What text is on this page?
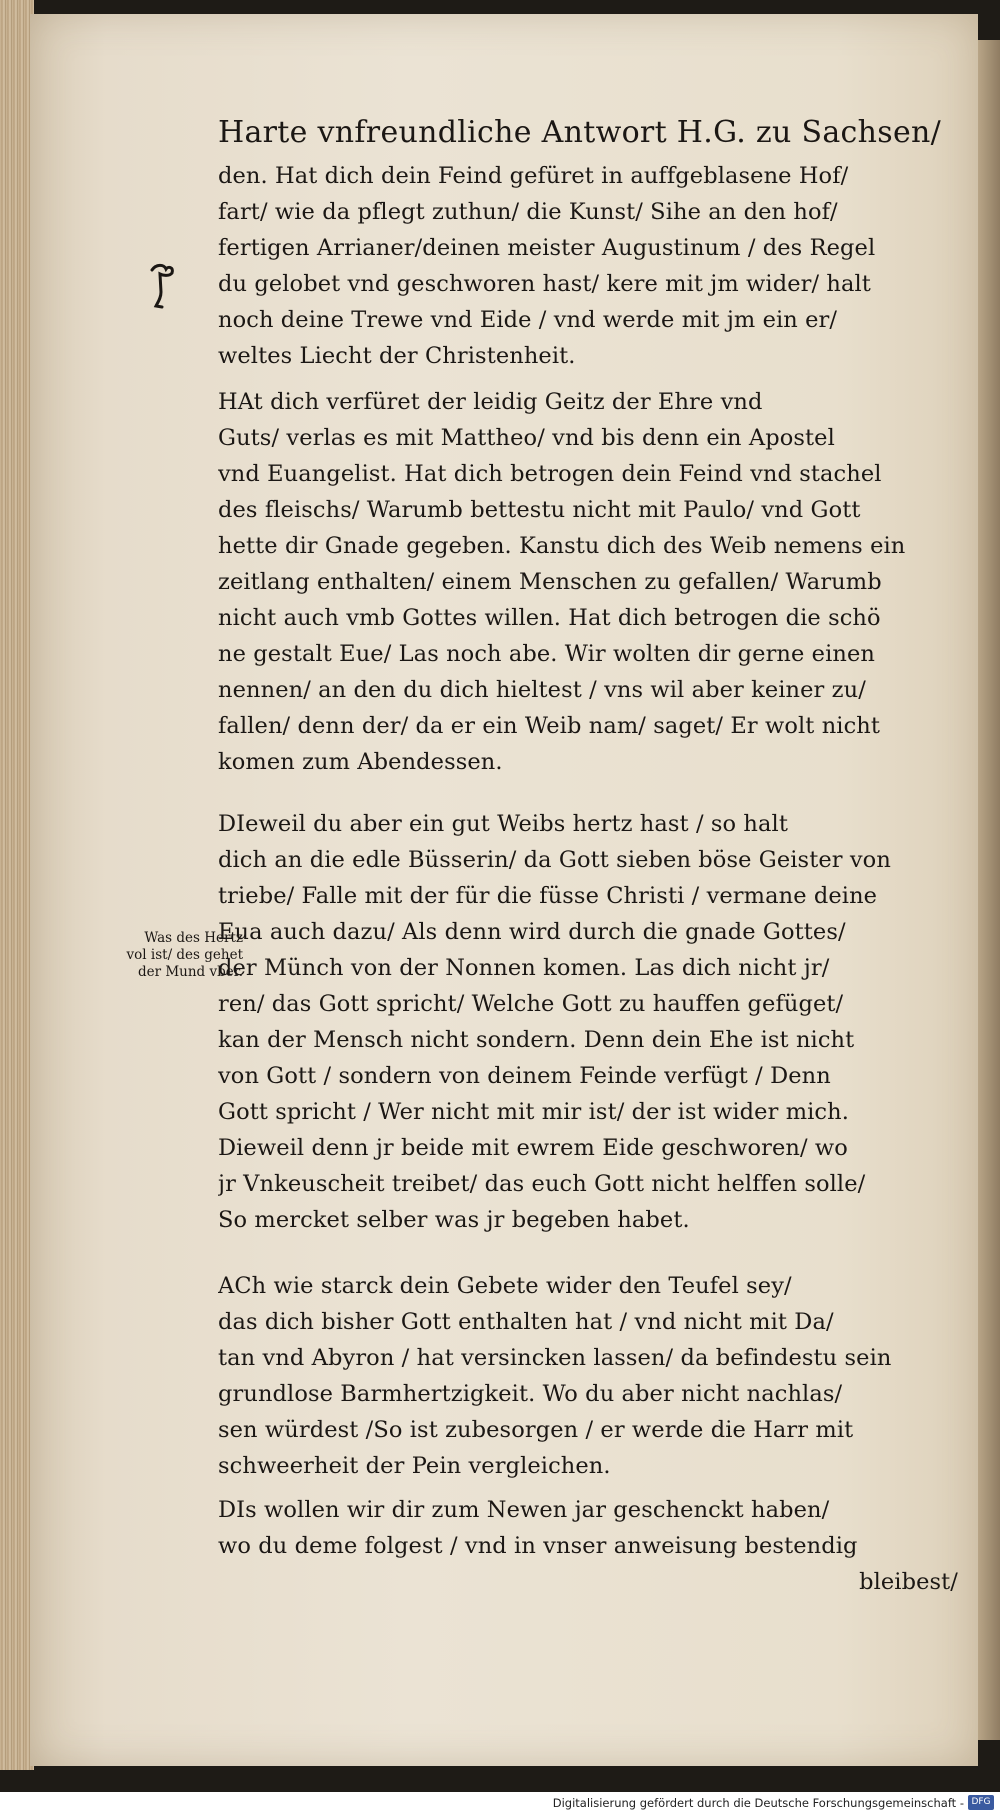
Harte vnfreundliche Antwort H.G. zu Sachsen/
den. Hat dich dein Feind gefüret in auffgeblasene Hof/
fart/ wie da pflegt zuthun/ die Kunst/ Sihe an den hof/
fertigen Arrianer/deinen meister Augustinum / des Regel
du gelobet vnd geschworen hast/ kere mit jm wider/ halt
noch deine Trewe vnd Eide / vnd werde mit jm ein er/
weltes Liecht der Christenheit.
HAt dich verfüret der leidig Geitz der Ehre vnd
Guts/ verlas es mit Mattheo/ vnd bis denn ein Apostel
vnd Euangelist. Hat dich betrogen dein Feind vnd stachel
des fleischs/ Warumb bettestu nicht mit Paulo/ vnd Gott
hette dir Gnade gegeben. Kanstu dich des Weib nemens ein
zeitlang enthalten/ einem Menschen zu gefallen/ Warumb
nicht auch vmb Gottes willen. Hat dich betrogen die schö
ne gestalt Eue/ Las noch abe. Wir wolten dir gerne einen
nennen/ an den du dich hieltest / vns wil aber keiner zu/
fallen/ denn der/ da er ein Weib nam/ saget/ Er wolt nicht
komen zum Abendessen.
DIeweil du aber ein gut Weibs hertz hast / so halt
dich an die edle Büsserin/ da Gott sieben böse Geister von
triebe/ Falle mit der für die füsse Christi / vermane deine
Eua auch dazu/ Als denn wird durch die gnade Gottes/
der Münch von der Nonnen komen. Las dich nicht jr/
ren/ das Gott spricht/ Welche Gott zu hauffen gefüget/
kan der Mensch nicht sondern. Denn dein Ehe ist nicht
von Gott / sondern von deinem Feinde verfügt / Denn
Gott spricht / Wer nicht mit mir ist/ der ist wider mich.
Dieweil denn jr beide mit ewrem Eide geschworen/ wo
jr Vnkeuscheit treibet/ das euch Gott nicht helffen solle/
So mercket selber was jr begeben habet.
ACh wie starck dein Gebete wider den Teufel sey/
das dich bisher Gott enthalten hat / vnd nicht mit Da/
tan vnd Abyron / hat versincken lassen/ da befindestu sein
grundlose Barmhertzigkeit. Wo du aber nicht nachlas/
sen würdest /So ist zubesorgen / er werde die Harr mit
schweerheit der Pein vergleichen.
DIs wollen wir dir zum Newen jar geschenckt haben/
wo du deme folgest / vnd in vnser anweisung bestendig
bleibest/
Was des Hertz
vol ist/ des gehet
der Mund vber.
Digitalisierung gefördert durch die Deutsche Forschungsgemeinschaft - DFG
